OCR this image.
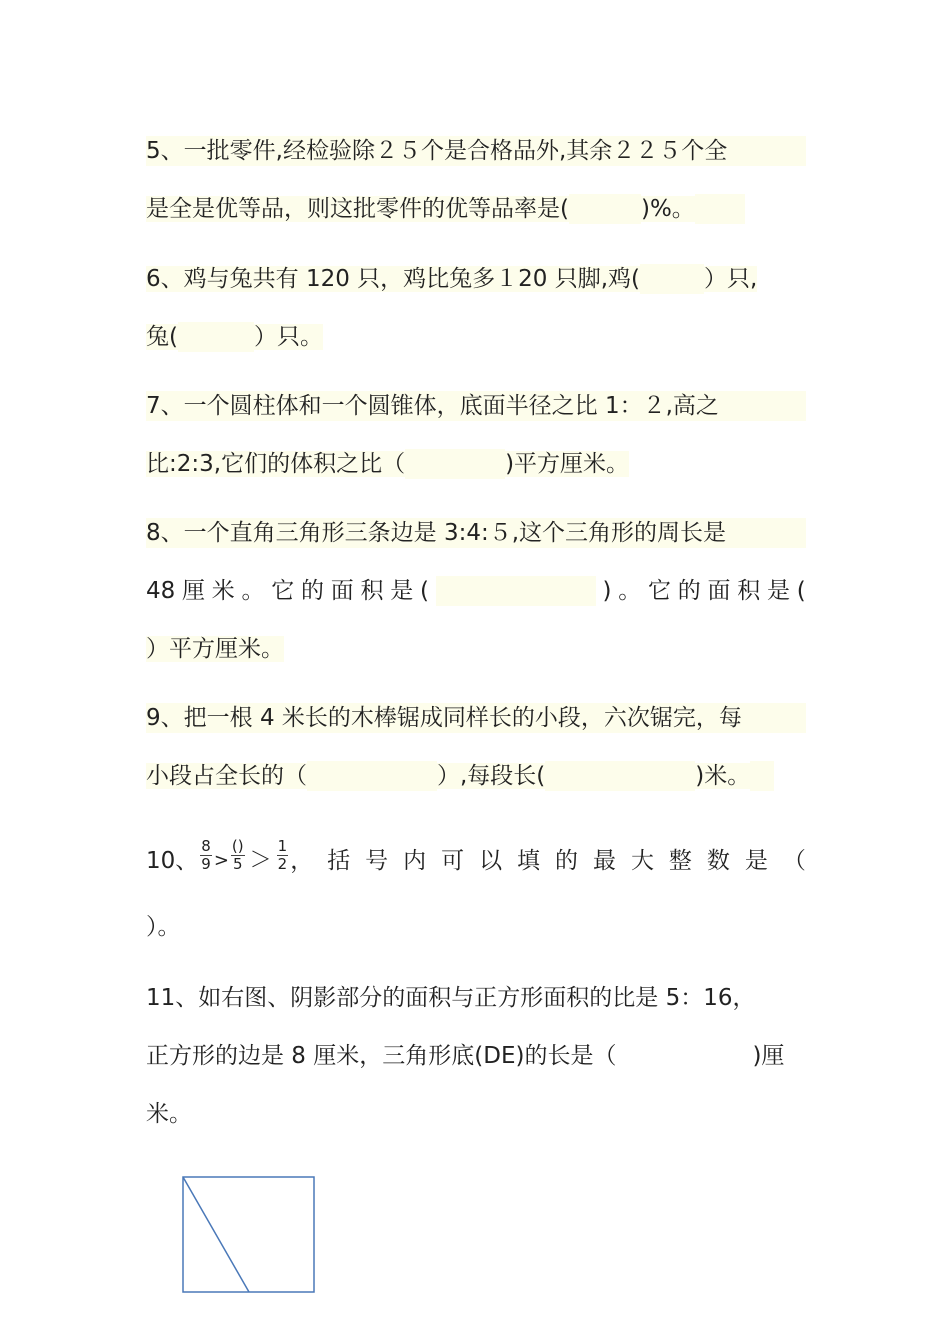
5、一批零件,经检验除２５个是合格品外,其余２２５个全
是全是优等品，则这批零件的优等品率是(	)%。
6、鸡与兔共有 120 只，鸡比兔多１20 只脚,鸡(	）只,
兔(	）只。
7、一个圆柱体和一个圆锥体，底面半径之比 1：２,高之
比:2:3,它们的体积之比（	)平方厘米。
8、一个直角三角形三条边是 3:4:５,这个三角形的周长是
48 厘 米 。 它 的 面 积 是 (	) 。 它 的 面 积 是 (
）平方厘米。
9、把一根 4 米长的木棒锯成同样长的小段，六次锯完，每
小段占全长的（	）,每段长(	)米。
10、 $\frac{8}{9} > \frac{()}{5} > \frac{1}{2}$ ， 括 号 内 可 以 填 的 最 大 整 数 是 （
）。
11、如右图、阴影部分的面积与正方形面积的比是 5：16，
正方形的边是 8 厘米，三角形底(DE)的长是（	)厘
米。
